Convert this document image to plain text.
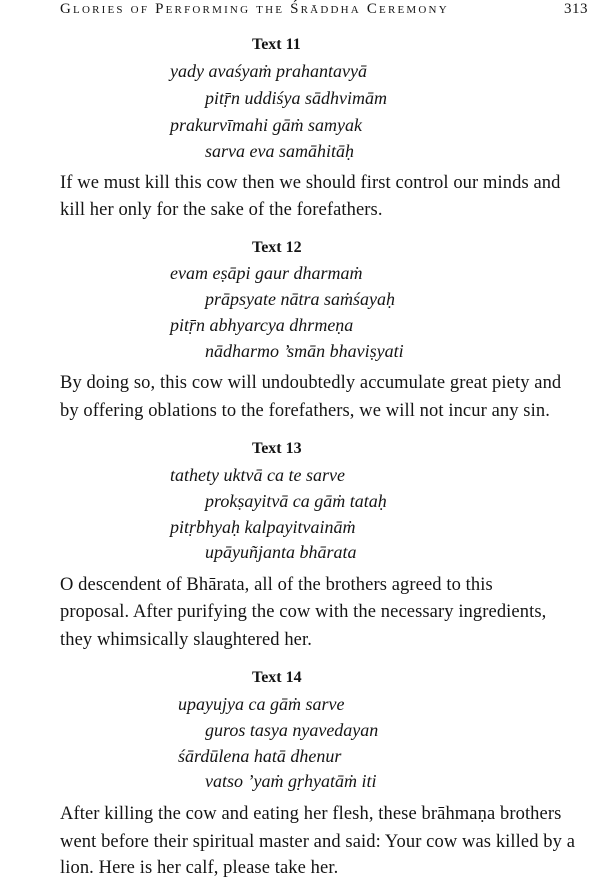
Glories of Performing the Śrāddha Ceremony	313
Text 11
yady avaśyaṁ prahantavyā
pitṝn uddiśya sādhvimām
prakurvīmahi gāṁ samyak
sarva eva samāhitāḥ
If we must kill this cow then we should first control our minds and
kill her only for the sake of the forefathers.
Text 12
evam eṣāpi gaur dharmaṁ
prāpsyate nātra saṁśayaḥ
pitṝn abhyarcya dhrmeṇa
nādharmo ’smān bhaviṣyati
By doing so, this cow will undoubtedly accumulate great piety and
by offering oblations to the forefathers, we will not incur any sin.
Text 13
tathety uktvā ca te sarve
prokṣayitvā ca gāṁ tataḥ
pitṛbhyaḥ kalpayitvaināṁ
upāyuñjanta bhārata
O descendent of Bhārata, all of the brothers agreed to this
proposal. After purifying the cow with the necessary ingredients,
they whimsically slaughtered her.
Text 14
upayujya ca gāṁ sarve
guros tasya nyavedayan
śārdūlena hatā dhenur
vatso ’yaṁ gṛhyatāṁ iti
After killing the cow and eating her flesh, these brāhmaṇa brothers
went before their spiritual master and said: Your cow was killed by a
lion. Here is her calf, please take her.
